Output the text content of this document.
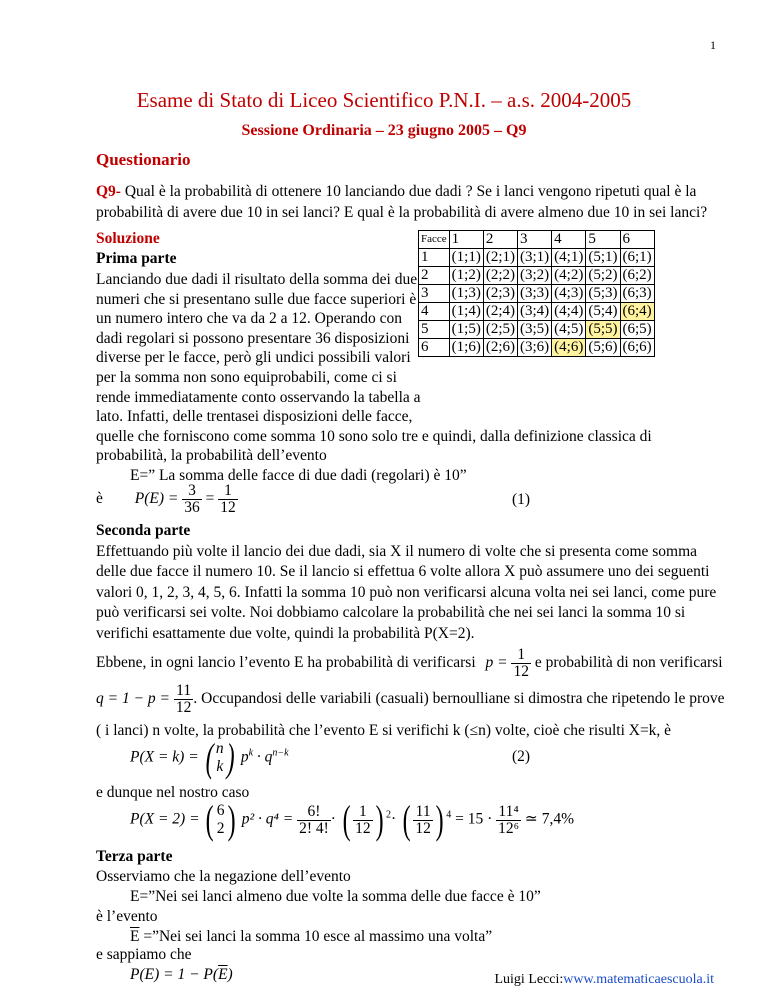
1
Esame di Stato di Liceo Scientifico P.N.I. – a.s. 2004-2005
Sessione Ordinaria – 23 giugno 2005 – Q9
Questionario
Q9- Qual è la probabilità di ottenere 10 lanciando due dadi ? Se i lanci vengono ripetuti qual è la
probabilità di avere due 10 in sei lanci? E qual è la probabilità di avere almeno due 10 in sei lanci?
Soluzione
Prima parte
Lanciando due dadi il risultato della somma dei due
numeri che si presentano sulle due facce superiori è
un numero intero che va da 2 a 12. Operando con
dadi regolari si possono presentare 36 disposizioni
diverse per le facce, però gli undici possibili valori
per la somma non sono equiprobabili, come ci si
rende immediatamente conto osservando la tabella a
lato. Infatti, delle trentasei disposizioni delle facce,
quelle che forniscono come somma 10 sono solo tre e quindi, dalla definizione classica di
probabilità, la probabilità dell’evento
Facce	1	2	3	4	5	6
1	(1;1)	(2;1)	(3;1)	(4;1)	(5;1)	(6;1)
2	(1;2)	(2;2)	(3;2)	(4;2)	(5;2)	(6;2)
3	(1;3)	(2;3)	(3;3)	(4;3)	(5;3)	(6;3)
4	(1;4)	(2;4)	(3;4)	(4;4)	(5;4)	(6;4)
5	(1;5)	(2;5)	(3;5)	(4;5)	(5;5)	(6;5)
6	(1;6)	(2;6)	(3;6)	(4;6)	(5;6)	(6;6)
E=” La somma delle facce di due dadi (regolari) è 10”
è $P(E) = \frac{3}{36} = \frac{1}{12}$	(1)
Seconda parte
Effettuando più volte il lancio dei due dadi, sia X il numero di volte che si presenta come somma
delle due facce il numero 10. Se il lancio si effettua 6 volte allora X può assumere uno dei seguenti
valori 0, 1, 2, 3, 4, 5, 6. Infatti la somma 10 può non verificarsi alcuna volta nei sei lanci, come pure
può verificarsi sei volte. Noi dobbiamo calcolare la probabilità che nei sei lanci la somma 10 si
verifichi esattamente due volte, quindi la probabilità P(X=2).
Ebbene, in ogni lancio l’evento E ha probabilità di verificarsi $p = \frac{1}{12}$ e probabilità di non verificarsi
$q = 1 - p = \frac{11}{12}$ . Occupandosi delle variabili (casuali) bernoulliane si dimostra che ripetendo le prove
( i lanci) n volte, la probabilità che l’evento E si verifichi k (≤n) volte, cioè che risulti X=k, è
P(X = k) = ( n
k ) $p^k \cdot q^{n-k}$	(2)
e dunque nel nostro caso
P(X = 2) = ( 6
2 ) $p^2 \cdot q^4 = \frac{6!}{2! 4!}$ · ( $\frac{1}{12}$ ) $^2$· ( $\frac{11}{12}$ ) $^4 = 15 \cdot \frac{\text{11⁴}}{\text{12⁶}}$ ≃ 7,4%
Terza parte
Osserviamo che la negazione dell’evento
E=”Nei sei lanci almeno due volte la somma delle due facce è 10”
è l’evento
$\overline{E}$ =”Nei sei lanci la somma 10 esce al massimo una volta”
e sappiamo che
$P(E) = 1 - P(\overline{E})$	Luigi Lecci:www.matematicaescuola.it
